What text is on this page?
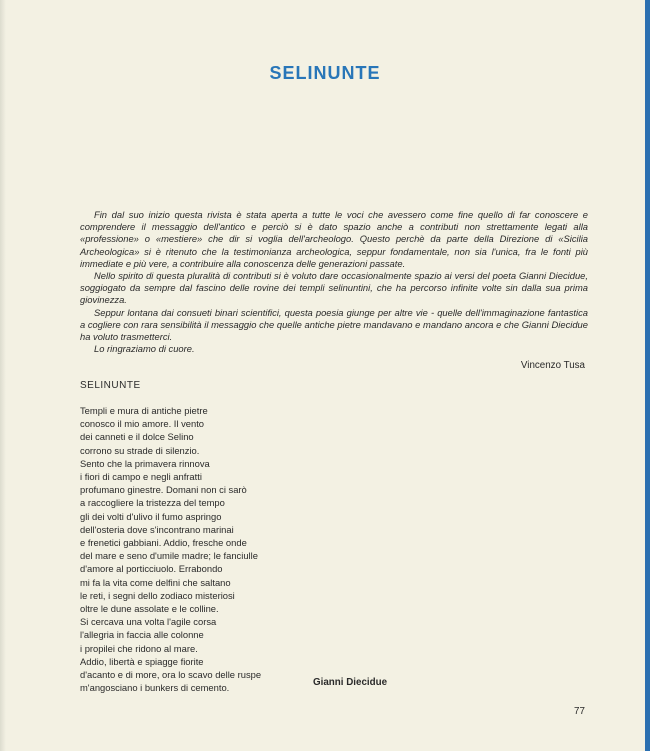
SELINUNTE

Fin dal suo inizio questa rivista è stata aperta a tutte le voci che avessero come fine quello di far conoscere e comprendere il messaggio dell'antico e perciò si è dato spazio anche a contributi non strettamente legati alla «professione» o «mestiere» che dir si voglia dell'archeologo. Questo perchè da parte della Direzione di «Sicilia Archeologica» si è ritenuto che la testimonianza archeologica, seppur fondamentale, non sia l'unica, fra le fonti più immediate e più vere, a contribuire alla conoscenza delle generazioni passate.

Nello spirito di questa pluralità di contributi si è voluto dare occasionalmente spazio ai versi del poeta Gianni Diecidue, soggiogato da sempre dal fascino delle rovine dei templi selinuntini, che ha percorso infinite volte sin dalla sua prima giovinezza.

Seppur lontana dai consueti binari scientifici, questa poesia giunge per altre vie - quelle dell'immaginazione fantastica a cogliere con rara sensibilità il messaggio che quelle antiche pietre mandavano e mandano ancora e che Gianni Diecidue ha voluto trasmetterci.

Lo ringraziamo di cuore.

Vincenzo Tusa
SELINUNTE
Templi e mura di antiche pietre
conosco il mio amore. Il vento
dei canneti e il dolce Selino
corrono su strade di silenzio.
Sento che la primavera rinnova
i fiori di campo e negli anfratti
profumano ginestre. Domani non ci sarò
a raccogliere la tristezza del tempo
gli dei volti d'ulivo il fumo aspringo
dell'osteria dove s'incontrano marinai
e frenetici gabbiani. Addio, fresche onde
del mare e seno d'umile madre; le fanciulle
d'amore al porticciuolo. Errabondo
mi fa la vita come delfini che saltano
le reti, i segni dello zodiaco misteriosi
oltre le dune assolate e le colline.
Si cercava una volta l'agile corsa
l'allegria in faccia alle colonne
i propilei che ridono al mare.
Addio, libertà e spiagge fiorite
d'acanto e di more, ora lo scavo delle ruspe
m'angosciano i bunkers di cemento.	Gianni Diecidue
77
